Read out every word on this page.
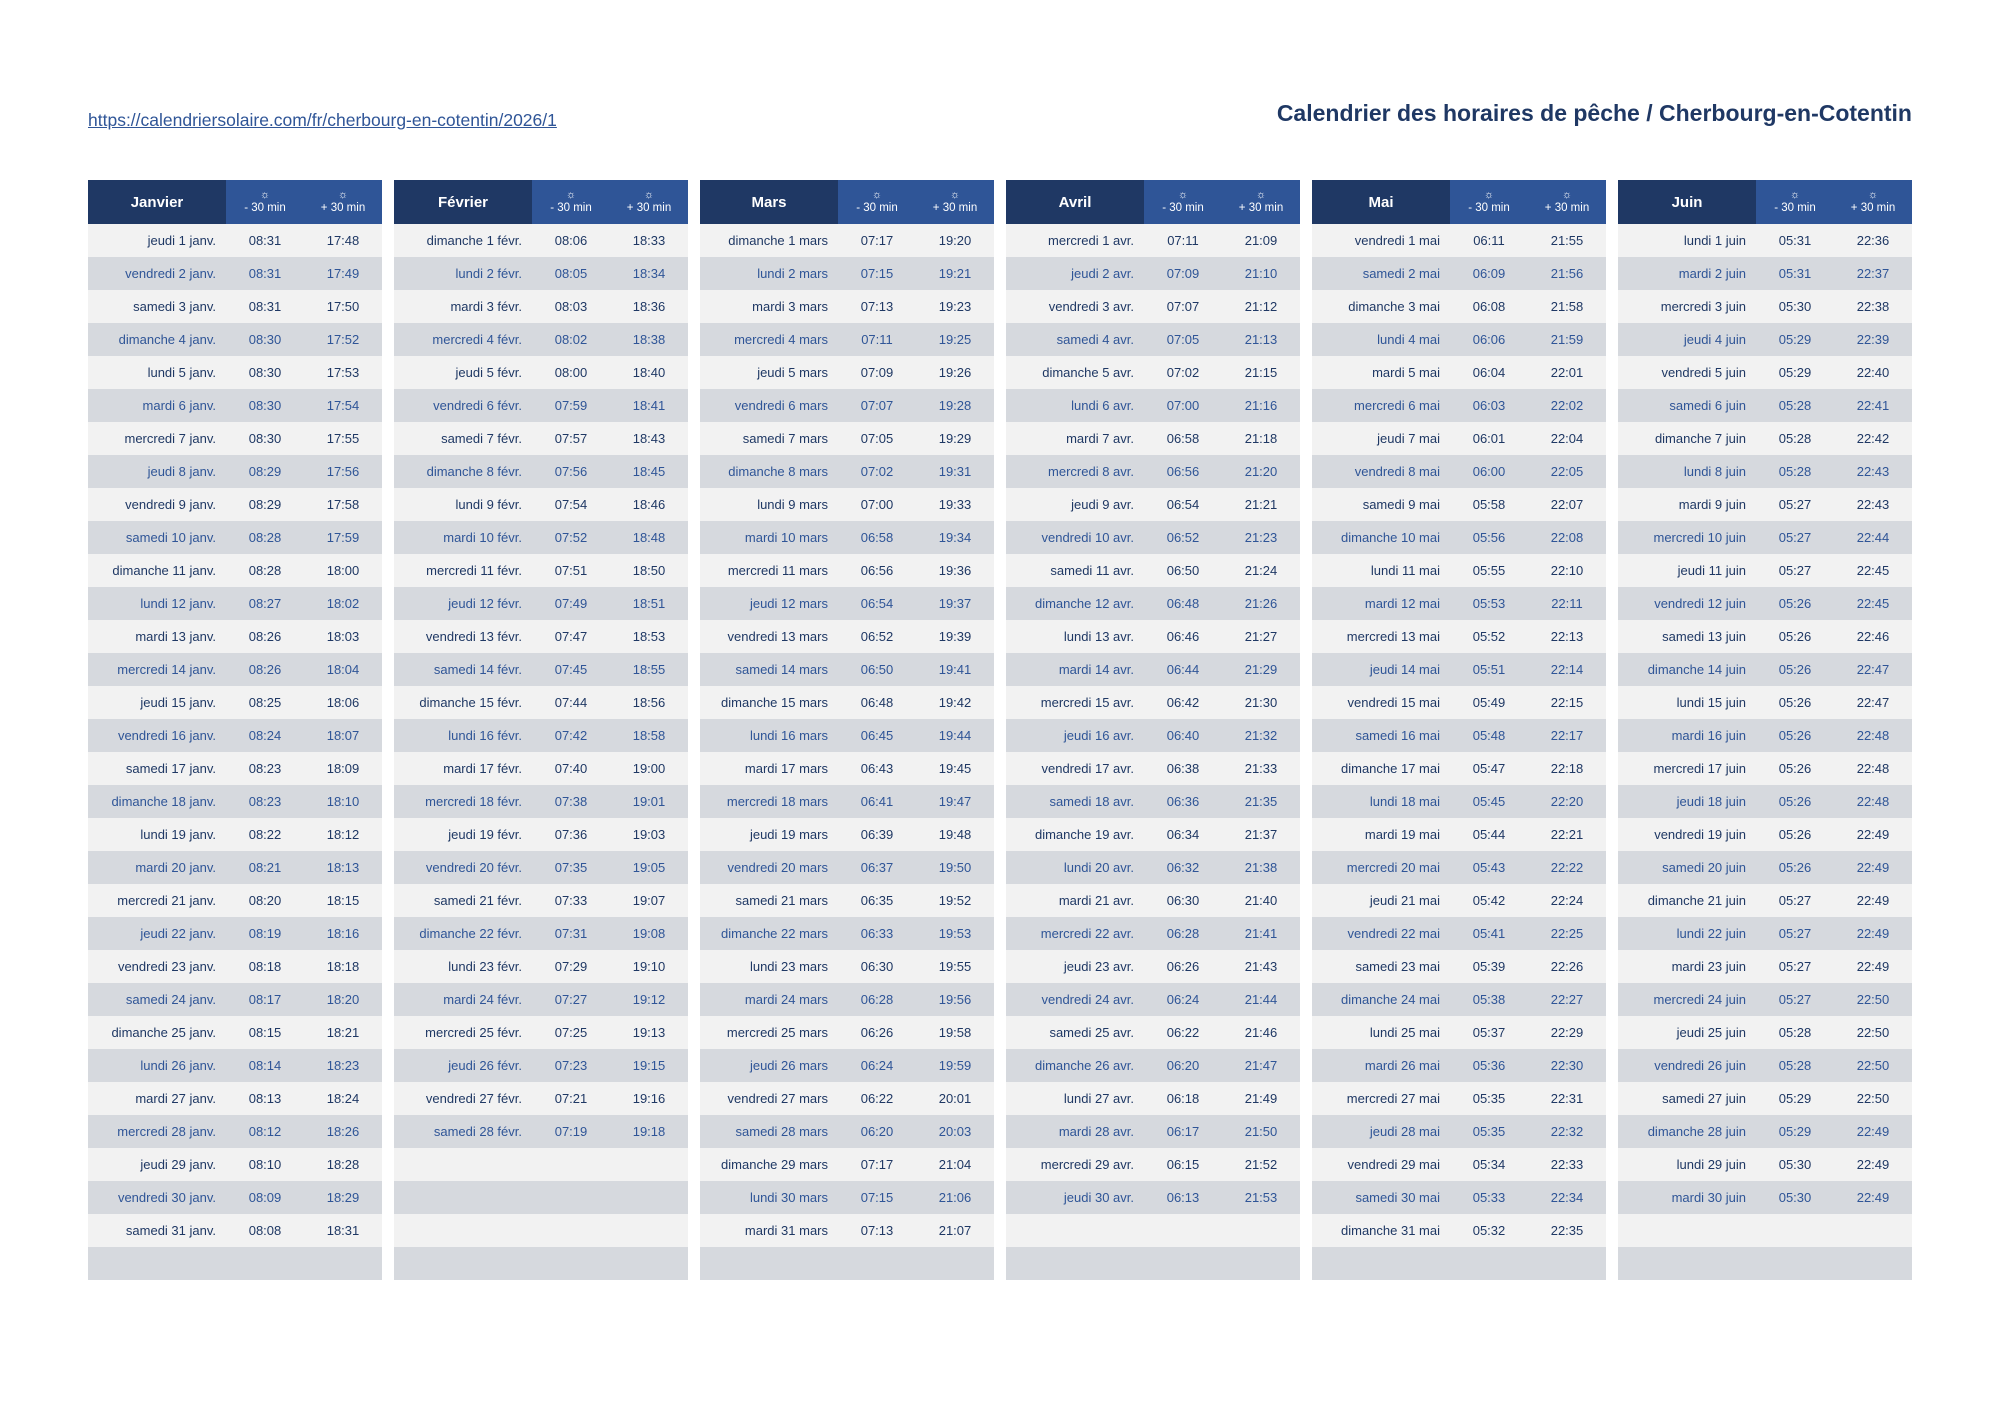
https://calendriersolaire.com/fr/cherbourg-en-cotentin/2026/1	Calendrier des horaires de pêche / Cherbourg-en-Cotentin
Janvier	☼
- 30 min	☼
+ 30 min

jeudi 1 janv.	08:31	17:48
vendredi 2 janv.	08:31	17:49
samedi 3 janv.	08:31	17:50
dimanche 4 janv.	08:30	17:52
lundi 5 janv.	08:30	17:53
mardi 6 janv.	08:30	17:54
mercredi 7 janv.	08:30	17:55
jeudi 8 janv.	08:29	17:56
vendredi 9 janv.	08:29	17:58
samedi 10 janv.	08:28	17:59
dimanche 11 janv.	08:28	18:00
lundi 12 janv.	08:27	18:02
mardi 13 janv.	08:26	18:03
mercredi 14 janv.	08:26	18:04
jeudi 15 janv.	08:25	18:06
vendredi 16 janv.	08:24	18:07
samedi 17 janv.	08:23	18:09
dimanche 18 janv.	08:23	18:10
lundi 19 janv.	08:22	18:12
mardi 20 janv.	08:21	18:13
mercredi 21 janv.	08:20	18:15
jeudi 22 janv.	08:19	18:16
vendredi 23 janv.	08:18	18:18
samedi 24 janv.	08:17	18:20
dimanche 25 janv.	08:15	18:21
lundi 26 janv.	08:14	18:23
mardi 27 janv.	08:13	18:24
mercredi 28 janv.	08:12	18:26
jeudi 29 janv.	08:10	18:28
vendredi 30 janv.	08:09	18:29
samedi 31 janv.	08:08	18:31

Février	☼
- 30 min	☼
+ 30 min

dimanche 1 févr.	08:06	18:33
lundi 2 févr.	08:05	18:34
mardi 3 févr.	08:03	18:36
mercredi 4 févr.	08:02	18:38
jeudi 5 févr.	08:00	18:40
vendredi 6 févr.	07:59	18:41
samedi 7 févr.	07:57	18:43
dimanche 8 févr.	07:56	18:45
lundi 9 févr.	07:54	18:46
mardi 10 févr.	07:52	18:48
mercredi 11 févr.	07:51	18:50
jeudi 12 févr.	07:49	18:51
vendredi 13 févr.	07:47	18:53
samedi 14 févr.	07:45	18:55
dimanche 15 févr.	07:44	18:56
lundi 16 févr.	07:42	18:58
mardi 17 févr.	07:40	19:00
mercredi 18 févr.	07:38	19:01
jeudi 19 févr.	07:36	19:03
vendredi 20 févr.	07:35	19:05
samedi 21 févr.	07:33	19:07
dimanche 22 févr.	07:31	19:08
lundi 23 févr.	07:29	19:10
mardi 24 févr.	07:27	19:12
mercredi 25 févr.	07:25	19:13
jeudi 26 févr.	07:23	19:15
vendredi 27 févr.	07:21	19:16
samedi 28 févr.	07:19	19:18

Mars	☼
- 30 min	☼
+ 30 min

dimanche 1 mars	07:17	19:20
lundi 2 mars	07:15	19:21
mardi 3 mars	07:13	19:23
mercredi 4 mars	07:11	19:25
jeudi 5 mars	07:09	19:26
vendredi 6 mars	07:07	19:28
samedi 7 mars	07:05	19:29
dimanche 8 mars	07:02	19:31
lundi 9 mars	07:00	19:33
mardi 10 mars	06:58	19:34
mercredi 11 mars	06:56	19:36
jeudi 12 mars	06:54	19:37
vendredi 13 mars	06:52	19:39
samedi 14 mars	06:50	19:41
dimanche 15 mars	06:48	19:42
lundi 16 mars	06:45	19:44
mardi 17 mars	06:43	19:45
mercredi 18 mars	06:41	19:47
jeudi 19 mars	06:39	19:48
vendredi 20 mars	06:37	19:50
samedi 21 mars	06:35	19:52
dimanche 22 mars	06:33	19:53
lundi 23 mars	06:30	19:55
mardi 24 mars	06:28	19:56
mercredi 25 mars	06:26	19:58
jeudi 26 mars	06:24	19:59
vendredi 27 mars	06:22	20:01
samedi 28 mars	06:20	20:03
dimanche 29 mars	07:17	21:04
lundi 30 mars	07:15	21:06
mardi 31 mars	07:13	21:07

Avril	☼
- 30 min	☼
+ 30 min

mercredi 1 avr.	07:11	21:09
jeudi 2 avr.	07:09	21:10
vendredi 3 avr.	07:07	21:12
samedi 4 avr.	07:05	21:13
dimanche 5 avr.	07:02	21:15
lundi 6 avr.	07:00	21:16
mardi 7 avr.	06:58	21:18
mercredi 8 avr.	06:56	21:20
jeudi 9 avr.	06:54	21:21
vendredi 10 avr.	06:52	21:23
samedi 11 avr.	06:50	21:24
dimanche 12 avr.	06:48	21:26
lundi 13 avr.	06:46	21:27
mardi 14 avr.	06:44	21:29
mercredi 15 avr.	06:42	21:30
jeudi 16 avr.	06:40	21:32
vendredi 17 avr.	06:38	21:33
samedi 18 avr.	06:36	21:35
dimanche 19 avr.	06:34	21:37
lundi 20 avr.	06:32	21:38
mardi 21 avr.	06:30	21:40
mercredi 22 avr.	06:28	21:41
jeudi 23 avr.	06:26	21:43
vendredi 24 avr.	06:24	21:44
samedi 25 avr.	06:22	21:46
dimanche 26 avr.	06:20	21:47
lundi 27 avr.	06:18	21:49
mardi 28 avr.	06:17	21:50
mercredi 29 avr.	06:15	21:52
jeudi 30 avr.	06:13	21:53

Mai	☼
- 30 min	☼
+ 30 min

vendredi 1 mai	06:11	21:55
samedi 2 mai	06:09	21:56
dimanche 3 mai	06:08	21:58
lundi 4 mai	06:06	21:59
mardi 5 mai	06:04	22:01
mercredi 6 mai	06:03	22:02
jeudi 7 mai	06:01	22:04
vendredi 8 mai	06:00	22:05
samedi 9 mai	05:58	22:07
dimanche 10 mai	05:56	22:08
lundi 11 mai	05:55	22:10
mardi 12 mai	05:53	22:11
mercredi 13 mai	05:52	22:13
jeudi 14 mai	05:51	22:14
vendredi 15 mai	05:49	22:15
samedi 16 mai	05:48	22:17
dimanche 17 mai	05:47	22:18
lundi 18 mai	05:45	22:20
mardi 19 mai	05:44	22:21
mercredi 20 mai	05:43	22:22
jeudi 21 mai	05:42	22:24
vendredi 22 mai	05:41	22:25
samedi 23 mai	05:39	22:26
dimanche 24 mai	05:38	22:27
lundi 25 mai	05:37	22:29
mardi 26 mai	05:36	22:30
mercredi 27 mai	05:35	22:31
jeudi 28 mai	05:35	22:32
vendredi 29 mai	05:34	22:33
samedi 30 mai	05:33	22:34
dimanche 31 mai	05:32	22:35

Juin	☼
- 30 min	☼
+ 30 min

lundi 1 juin	05:31	22:36
mardi 2 juin	05:31	22:37
mercredi 3 juin	05:30	22:38
jeudi 4 juin	05:29	22:39
vendredi 5 juin	05:29	22:40
samedi 6 juin	05:28	22:41
dimanche 7 juin	05:28	22:42
lundi 8 juin	05:28	22:43
mardi 9 juin	05:27	22:43
mercredi 10 juin	05:27	22:44
jeudi 11 juin	05:27	22:45
vendredi 12 juin	05:26	22:45
samedi 13 juin	05:26	22:46
dimanche 14 juin	05:26	22:47
lundi 15 juin	05:26	22:47
mardi 16 juin	05:26	22:48
mercredi 17 juin	05:26	22:48
jeudi 18 juin	05:26	22:48
vendredi 19 juin	05:26	22:49
samedi 20 juin	05:26	22:49
dimanche 21 juin	05:27	22:49
lundi 22 juin	05:27	22:49
mardi 23 juin	05:27	22:49
mercredi 24 juin	05:27	22:50
jeudi 25 juin	05:28	22:50
vendredi 26 juin	05:28	22:50
samedi 27 juin	05:29	22:50
dimanche 28 juin	05:29	22:49
lundi 29 juin	05:30	22:49
mardi 30 juin	05:30	22:49
